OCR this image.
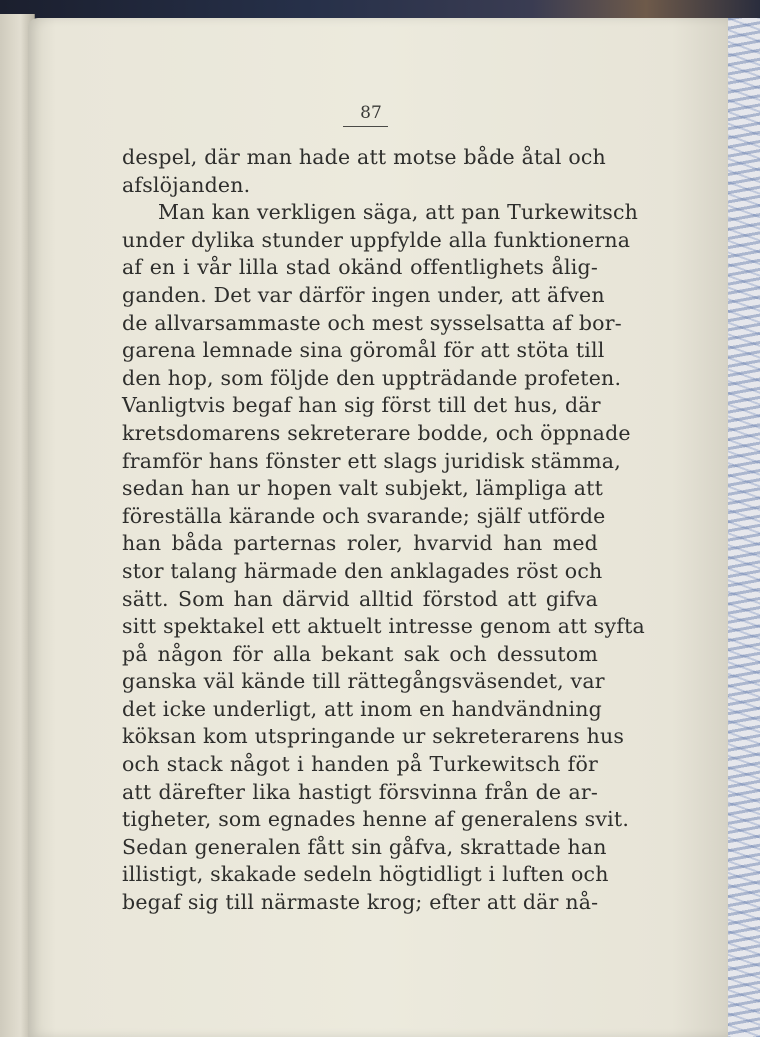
87
despel, där man hade att motse både åtal och
afslöjanden.
Man kan verkligen säga, att pan Turkewitsch
under dylika stunder uppfylde alla funktionerna
af en i vår lilla stad okänd offentlighets ålig-
ganden. Det var därför ingen under, att äfven
de allvarsammaste och mest sysselsatta af bor-
garena lemnade sina göromål för att stöta till
den hop, som följde den uppträdande profeten.
Vanligtvis begaf han sig först till det hus, där
kretsdomarens sekreterare bodde, och öppnade
framför hans fönster ett slags juridisk stämma,
sedan han ur hopen valt subjekt, lämpliga att
föreställa kärande och svarande; själf utförde
han båda parternas roler, hvarvid han med
stor talang härmade den anklagades röst och
sätt. Som han därvid alltid förstod att gifva
sitt spektakel ett aktuelt intresse genom att syfta
på någon för alla bekant sak och dessutom
ganska väl kände till rättegångsväsendet, var
det icke underligt, att inom en handvändning
köksan kom utspringande ur sekreterarens hus
och stack något i handen på Turkewitsch för
att därefter lika hastigt försvinna från de ar-
tigheter, som egnades henne af generalens svit.
Sedan generalen fått sin gåfva, skrattade han
illistigt, skakade sedeln högtidligt i luften och
begaf sig till närmaste krog; efter att där nå-
